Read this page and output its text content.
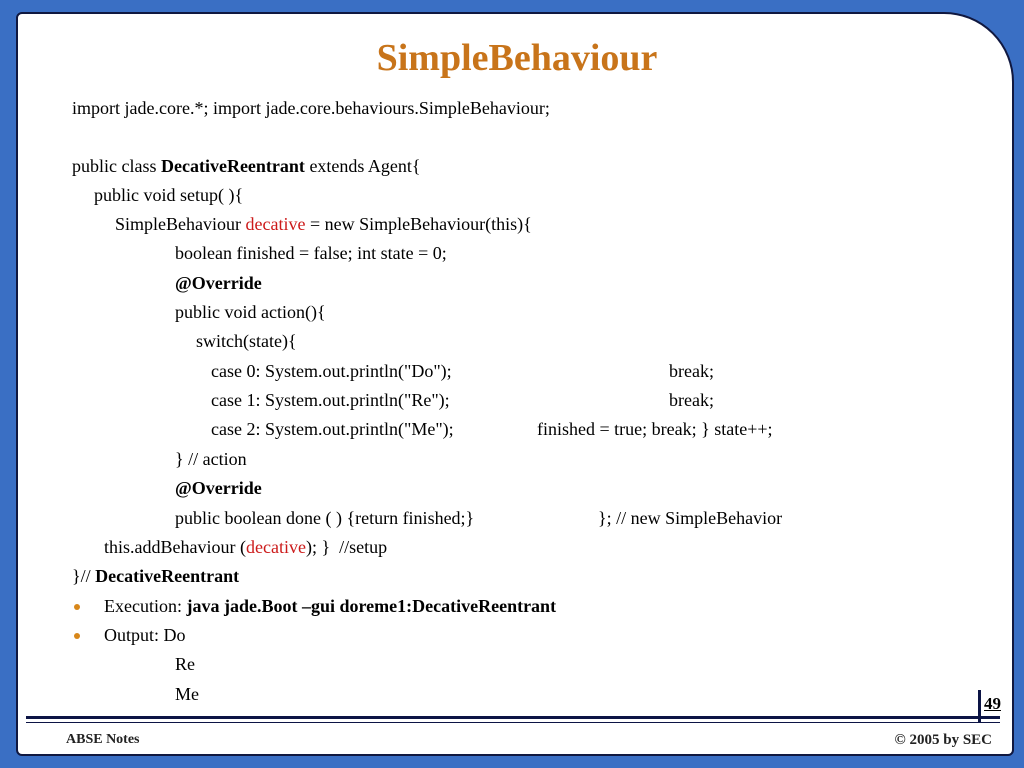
SimpleBehaviour
import jade.core.*; import jade.core.behaviours.SimpleBehaviour;
public class DecativeReentrant extends Agent{
public void setup( ){
SimpleBehaviour decative = new SimpleBehaviour(this){
boolean finished = false; int state = 0;
@Override
public void action(){
switch(state){
case 0: System.out.println("Do");	break;
case 1: System.out.println("Re");	break;
case 2: System.out.println("Me");	finished = true; break; } state++;
} // action
@Override
public boolean done ( ) {return finished;}	}; // new SimpleBehavior
this.addBehaviour (decative); }  //setup
}// DecativeReentrant
Execution: java jade.Boot –gui doreme1:DecativeReentrant
Output: Do
Re
Me	49
ABSE Notes	© 2005 by SEC
